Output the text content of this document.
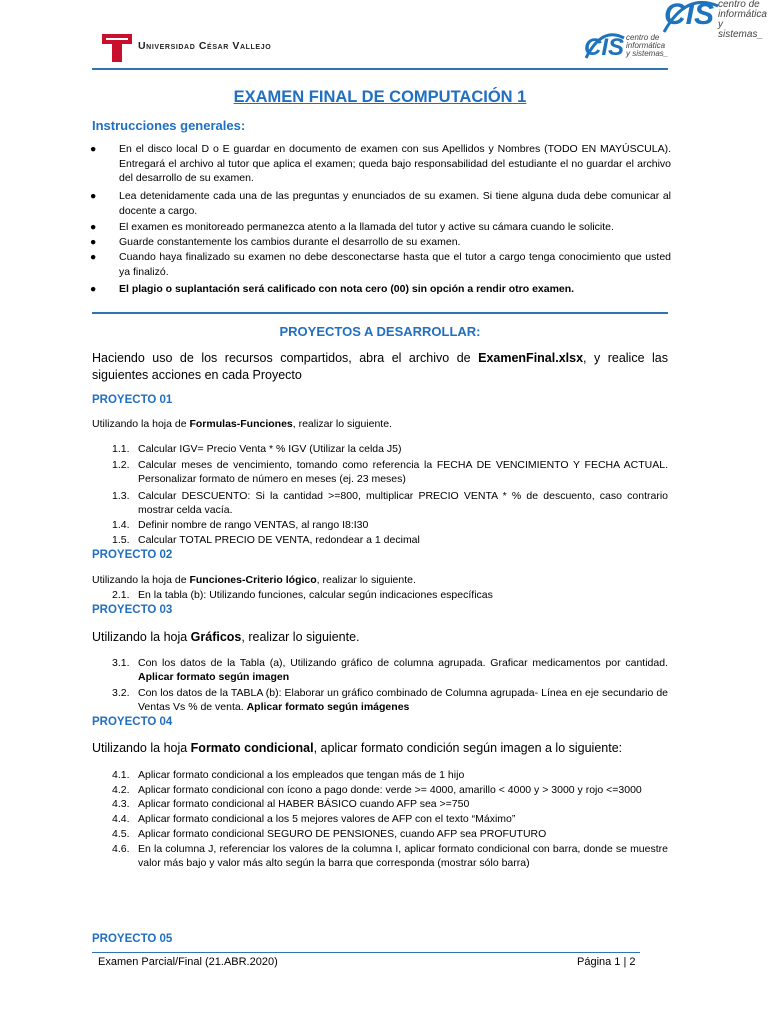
Universidad César Vallejo	CIS centro de
informática
y sistemas_
CIS centro de
informática
y sistemas_
EXAMEN FINAL DE COMPUTACIÓN 1
Instrucciones generales:
● En el disco local D o E guardar en documento de examen con sus Apellidos y Nombres (TODO EN MAYÚSCULA). Entregará el archivo al tutor que aplica el examen; queda bajo responsabilidad del estudiante el no guardar el archivo del desarrollo de su examen.
● Lea detenidamente cada una de las preguntas y enunciados de su examen. Si tiene alguna duda debe comunicar al docente a cargo.
● El examen es monitoreado permanezca atento a la llamada del tutor y active su cámara cuando le solicite.
● Guarde constantemente los cambios durante el desarrollo de su examen.
● Cuando haya finalizado su examen no debe desconectarse hasta que el tutor a cargo tenga conocimiento que usted ya finalizó.
● El plagio o suplantación será calificado con nota cero (00) sin opción a rendir otro examen.
PROYECTOS A DESARROLLAR:
Haciendo uso de los recursos compartidos, abra el archivo de ExamenFinal.xlsx, y realice las siguientes acciones en cada Proyecto
PROYECTO 01
Utilizando la hoja de Formulas-Funciones, realizar lo siguiente.
1.1. Calcular IGV= Precio Venta * % IGV (Utilizar la celda J5)
1.2. Calcular meses de vencimiento, tomando como referencia la FECHA DE VENCIMIENTO Y FECHA ACTUAL. Personalizar formato de número en meses (ej. 23 meses)
1.3. Calcular DESCUENTO: Si la cantidad >=800, multiplicar PRECIO VENTA * % de descuento, caso contrario mostrar celda vacía.
1.4. Definir nombre de rango VENTAS, al rango I8:I30
1.5. Calcular TOTAL PRECIO DE VENTA, redondear a 1 decimal
PROYECTO 02
Utilizando la hoja de Funciones-Criterio lógico, realizar lo siguiente.
2.1. En la tabla (b): Utilizando funciones, calcular según indicaciones específicas
PROYECTO 03
Utilizando la hoja Gráficos, realizar lo siguiente.
3.1. Con los datos de la Tabla (a), Utilizando gráfico de columna agrupada. Graficar medicamentos por cantidad. Aplicar formato según imagen
3.2. Con los datos de la TABLA (b): Elaborar un gráfico combinado de Columna agrupada- Línea en eje secundario de Ventas Vs % de venta. Aplicar formato según imágenes
PROYECTO 04
Utilizando la hoja Formato condicional, aplicar formato condición según imagen a lo siguiente:
4.1. Aplicar formato condicional a los empleados que tengan más de 1 hijo
4.2. Aplicar formato condicional con ícono a pago donde: verde >= 4000, amarillo < 4000 y > 3000 y rojo <=3000
4.3. Aplicar formato condicional al HABER BÁSICO cuando AFP sea >=750
4.4. Aplicar formato condicional a los 5 mejores valores de AFP con el texto “Máximo”
4.5. Aplicar formato condicional SEGURO DE PENSIONES, cuando AFP sea PROFUTURO
4.6. En la columna J, referenciar los valores de la columna I, aplicar formato condicional con barra, donde se muestre valor más bajo y valor más alto según la barra que corresponda (mostrar sólo barra)
PROYECTO 05
Examen Parcial/Final (21.ABR.2020)	Página 1 | 2
